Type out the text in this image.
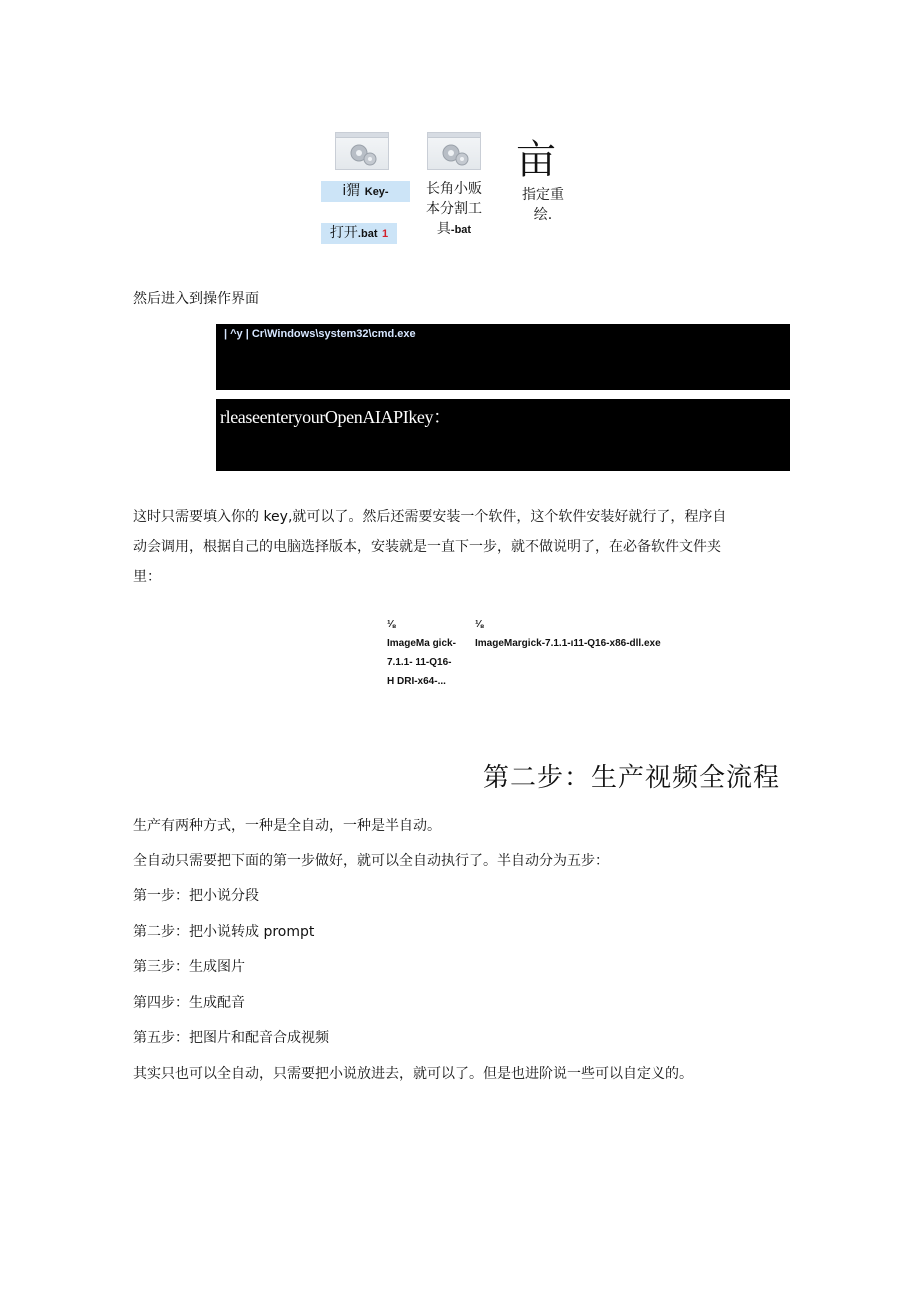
i猬 Key-
打开.bat 1
长角小贩
本分割工
具-bat
亩
指定重
绘.
然后进入到操作界面
| ^y | Cr\Windows\system32\cmd.exe
rleaseenteryourOpenAIAPIkey：
这时只需要填入你的 key,就可以了。然后还需要安装一个软件，这个软件安装好就行了，程序自
动会调用，根据自己的电脑选择版本，安装就是一直下一步，就不做说明了，在必备软件文件夹
里：
⅛
ImageMa gick-
7.1.1- 11-Q16-
H DRI-x64-...
⅛
ImageMargick-7.1.1-ı11-Q16-x86-dll.exe
第二步：生产视频全流程
生产有两种方式，一种是全自动，一种是半自动。
全自动只需要把下面的第一步做好，就可以全自动执行了。半自动分为五步：
第一步：把小说分段
第二步：把小说转成 prompt
第三步：生成图片
第四步：生成配音
第五步：把图片和配音合成视频
其实只也可以全自动，只需要把小说放进去，就可以了。但是也进阶说一些可以自定义的。
